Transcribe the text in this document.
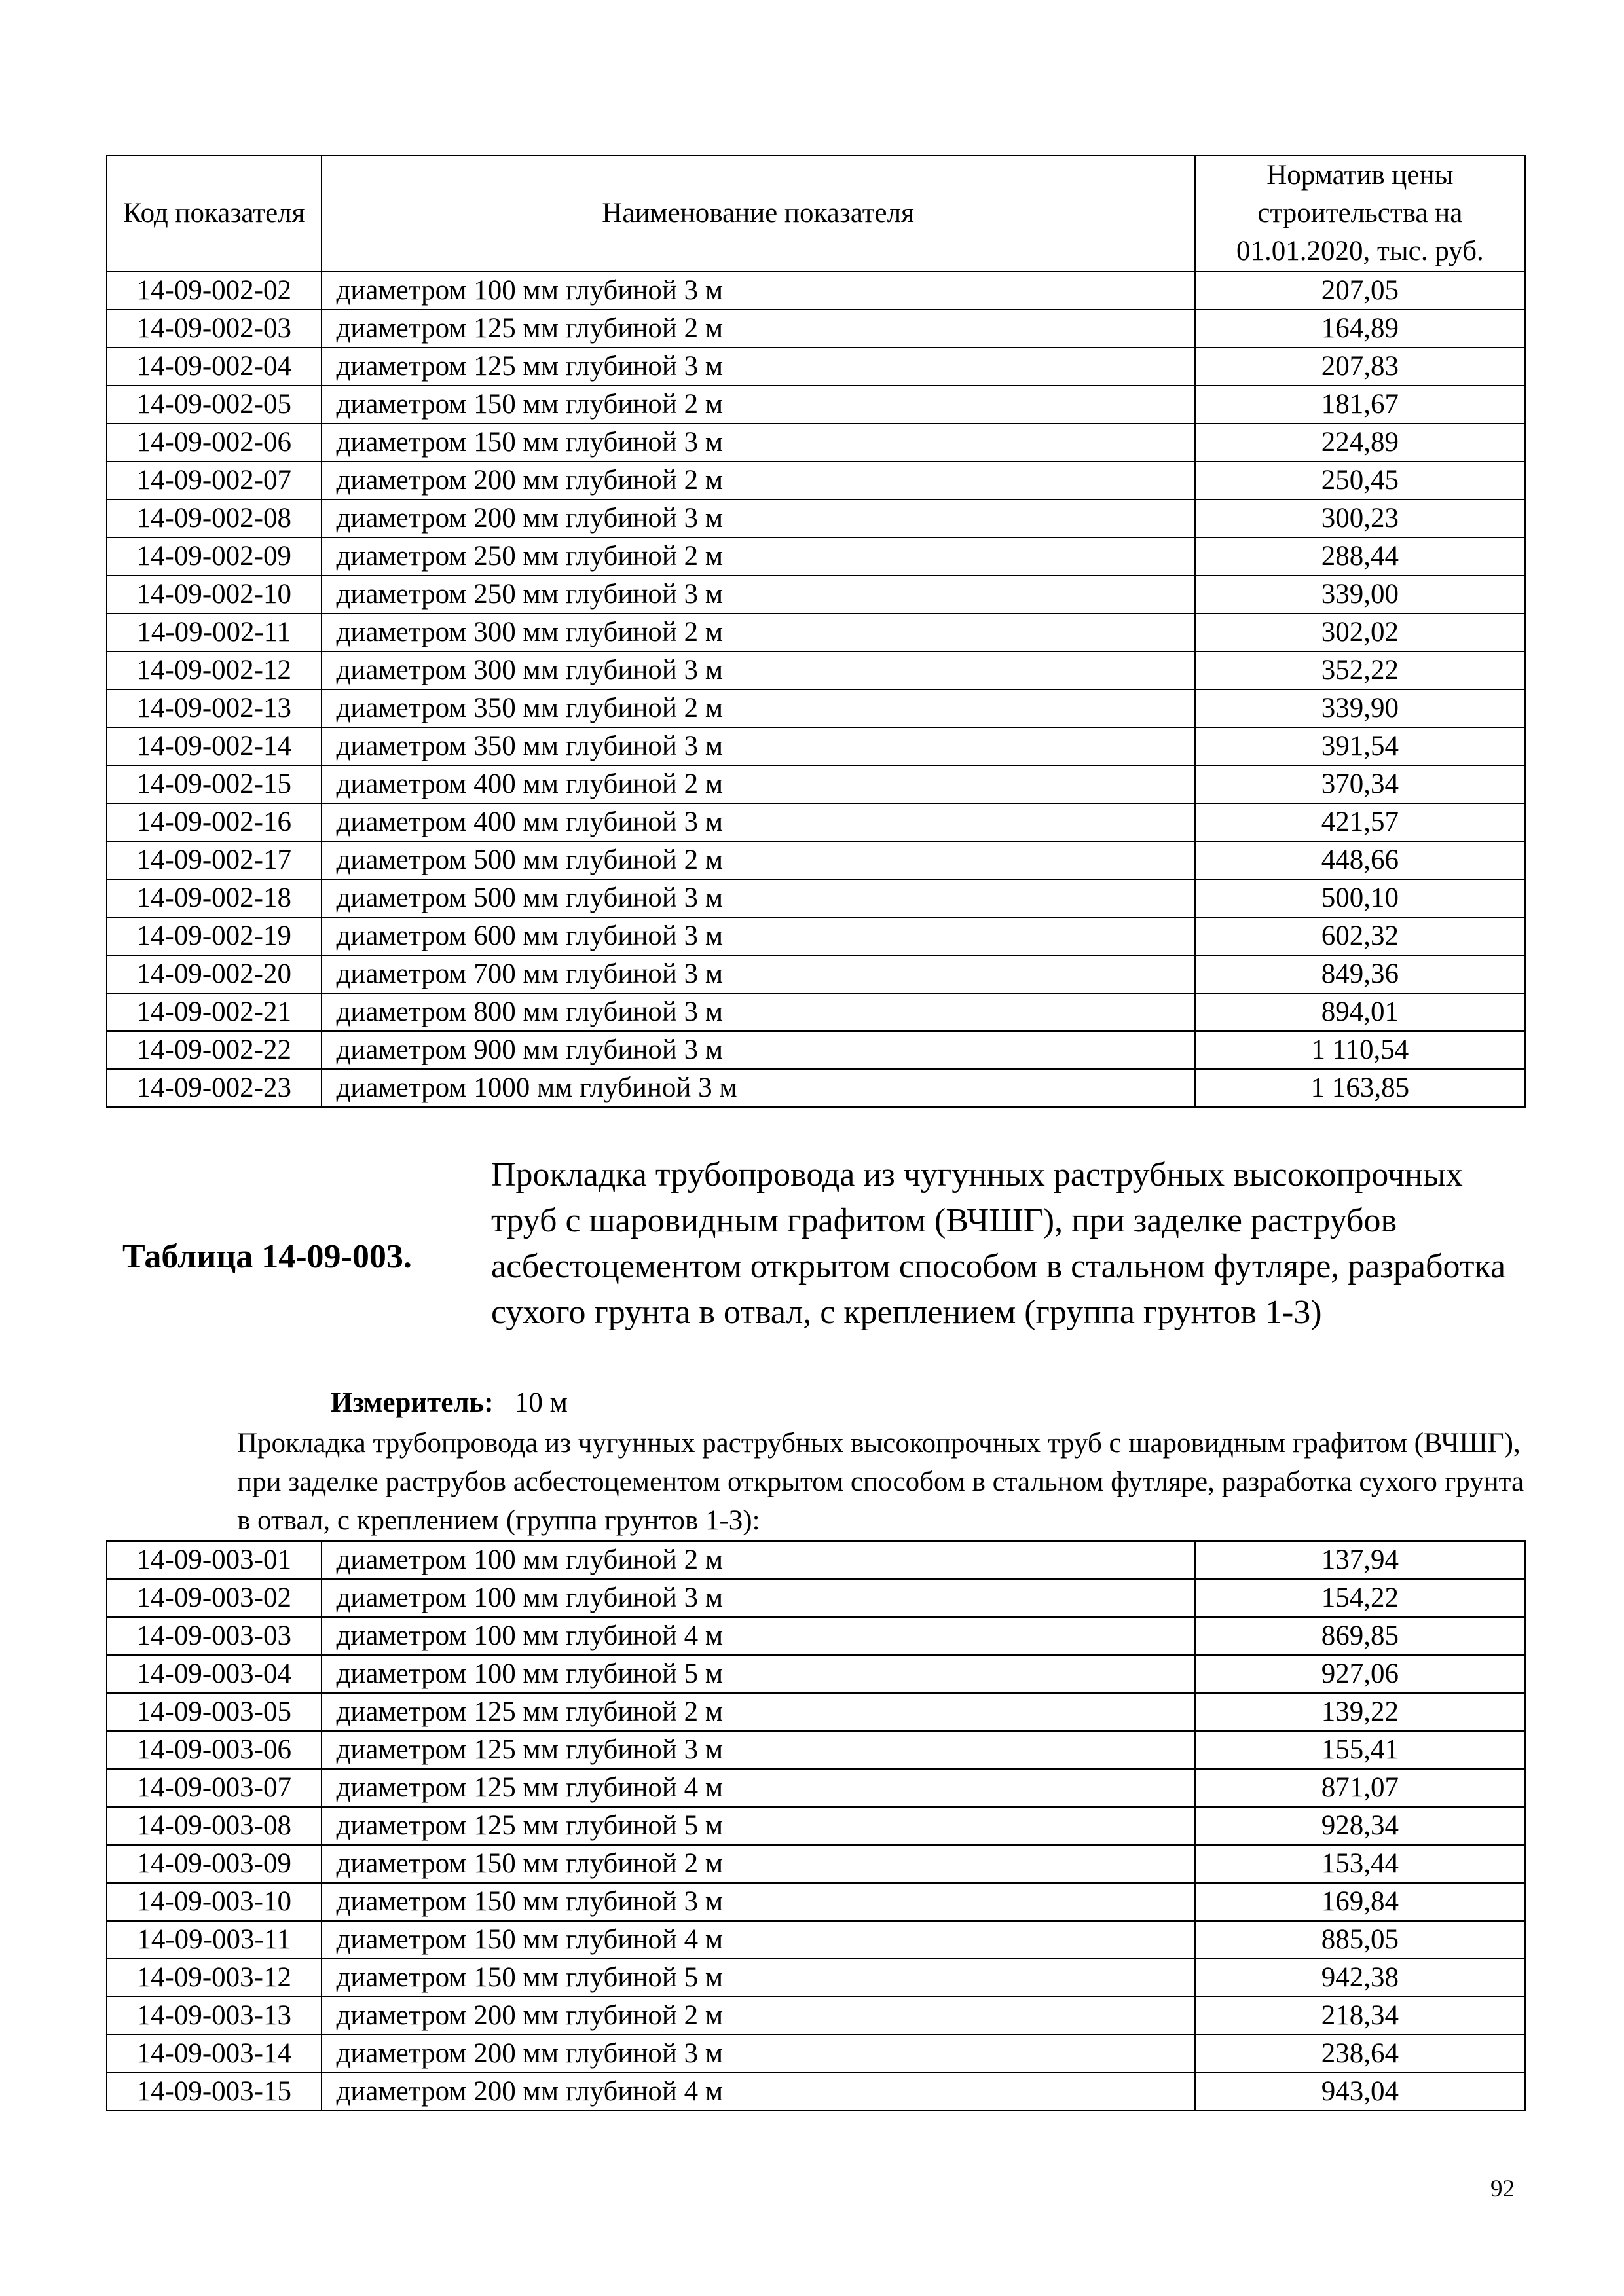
Код показателя	Наименование показателя	Норматив цены строительства на 01.01.2020, тыс. руб.
14-09-002-02	диаметром 100 мм глубиной 3 м	207,05
14-09-002-03	диаметром 125 мм глубиной 2 м	164,89
14-09-002-04	диаметром 125 мм глубиной 3 м	207,83
14-09-002-05	диаметром 150 мм глубиной 2 м	181,67
14-09-002-06	диаметром 150 мм глубиной 3 м	224,89
14-09-002-07	диаметром 200 мм глубиной 2 м	250,45
14-09-002-08	диаметром 200 мм глубиной 3 м	300,23
14-09-002-09	диаметром 250 мм глубиной 2 м	288,44
14-09-002-10	диаметром 250 мм глубиной 3 м	339,00
14-09-002-11	диаметром 300 мм глубиной 2 м	302,02
14-09-002-12	диаметром 300 мм глубиной 3 м	352,22
14-09-002-13	диаметром 350 мм глубиной 2 м	339,90
14-09-002-14	диаметром 350 мм глубиной 3 м	391,54
14-09-002-15	диаметром 400 мм глубиной 2 м	370,34
14-09-002-16	диаметром 400 мм глубиной 3 м	421,57
14-09-002-17	диаметром 500 мм глубиной 2 м	448,66
14-09-002-18	диаметром 500 мм глубиной 3 м	500,10
14-09-002-19	диаметром 600 мм глубиной 3 м	602,32
14-09-002-20	диаметром 700 мм глубиной 3 м	849,36
14-09-002-21	диаметром 800 мм глубиной 3 м	894,01
14-09-002-22	диаметром 900 мм глубиной 3 м	1 110,54
14-09-002-23	диаметром 1000 мм глубиной 3 м	1 163,85
Таблица 14-09-003.
Прокладка трубопровода из чугунных раструбных высокопрочных труб с шаровидным графитом (ВЧШГ), при заделке раструбов асбестоцементом открытом способом в стальном футляре, разработка сухого грунта в отвал, с креплением (группа грунтов 1-3)
Измеритель: 10 м
Прокладка трубопровода из чугунных раструбных высокопрочных труб с шаровидным графитом (ВЧШГ), при заделке раструбов асбестоцементом открытом способом в стальном футляре, разработка сухого грунта в отвал, с креплением (группа грунтов 1-3):
14-09-003-01	диаметром 100 мм глубиной 2 м	137,94
14-09-003-02	диаметром 100 мм глубиной 3 м	154,22
14-09-003-03	диаметром 100 мм глубиной 4 м	869,85
14-09-003-04	диаметром 100 мм глубиной 5 м	927,06
14-09-003-05	диаметром 125 мм глубиной 2 м	139,22
14-09-003-06	диаметром 125 мм глубиной 3 м	155,41
14-09-003-07	диаметром 125 мм глубиной 4 м	871,07
14-09-003-08	диаметром 125 мм глубиной 5 м	928,34
14-09-003-09	диаметром 150 мм глубиной 2 м	153,44
14-09-003-10	диаметром 150 мм глубиной 3 м	169,84
14-09-003-11	диаметром 150 мм глубиной 4 м	885,05
14-09-003-12	диаметром 150 мм глубиной 5 м	942,38
14-09-003-13	диаметром 200 мм глубиной 2 м	218,34
14-09-003-14	диаметром 200 мм глубиной 3 м	238,64
14-09-003-15	диаметром 200 мм глубиной 4 м	943,04
92
